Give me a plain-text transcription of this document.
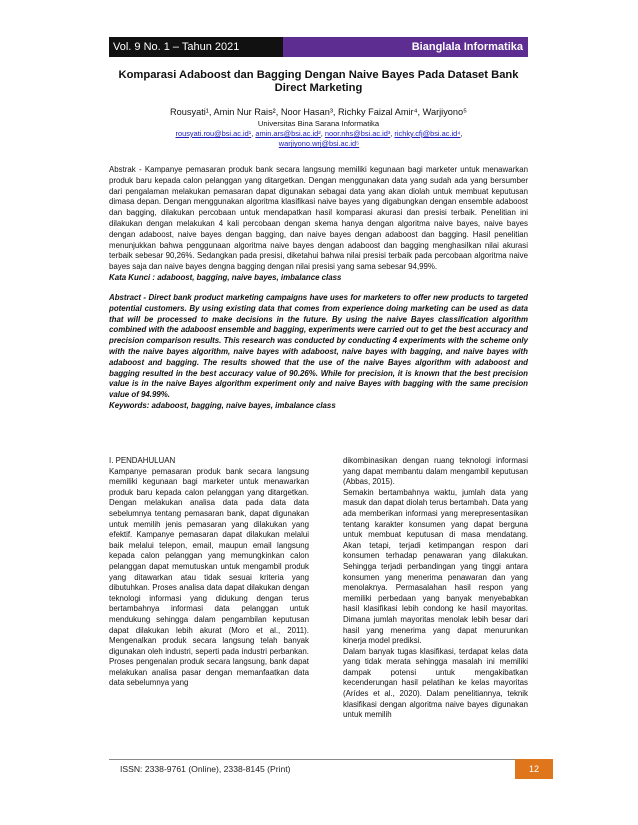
Vol. 9 No. 1 – Tahun 2021	Bianglala Informatika
Komparasi Adaboost dan Bagging Dengan Naive Bayes Pada Dataset Bank
Direct Marketing
Rousyati¹, Amin Nur Rais², Noor Hasan³, Richky Faizal Amir⁴, Warjiyono⁵
Universitas Bina Sarana Informatika
rousyati.rou@bsi.ac.id¹, amin.ars@bsi.ac.id², noor.nhs@bsi.ac.id³, richky.cfj@bsi.ac.id⁴,
warjiyono.wrj@bsi.ac.id⁵
Abstrak - Kampanye pemasaran produk bank secara langsung memiliki kegunaan bagi marketer untuk menawarkan produk baru kepada calon pelanggan yang ditargetkan. Dengan menggunakan data yang sudah ada yang bersumber dari pengalaman melakukan pemasaran dapat digunakan sebagai data yang akan diolah untuk membuat keputusan dimasa depan. Dengan menggunakan algoritma klasifikasi naive bayes yang digabungkan dengan ensemble adaboost dan bagging, dilakukan percobaan untuk mendapatkan hasil komparasi akurasi dan presisi terbaik. Penelitian ini dilakukan dengan melakukan 4 kali percobaan dengan skema hanya dengan algoritma naive bayes, naive bayes dengan adaboost, naive bayes dengan bagging, dan naive bayes dengan adaboost dan bagging. Hasil penelitian menunjukkan bahwa penggunaan algoritma naive bayes dengan adaboost dan bagging menghasilkan nilai akurasi terbaik sebesar 90,26%. Sedangkan pada presisi, diketahui bahwa nilai presisi terbaik pada percobaan algoritma naive bayes saja dan naive bayes dengna bagging dengan nilai presisi yang sama sebesar 94,99%.
Kata Kunci : adaboost, bagging, naive bayes, imbalance class
Abstract - Direct bank product marketing campaigns have uses for marketers to offer new products to targeted potential customers. By using existing data that comes from experience doing marketing can be used as data that will be processed to make decisions in the future. By using the naive Bayes classification algorithm combined with the adaboost ensemble and bagging, experiments were carried out to get the best accuracy and precision comparison results. This research was conducted by conducting 4 experiments with the scheme only with the naive bayes algorithm, naive bayes with adaboost, naive bayes with bagging, and naive bayes with adaboost and bagging. The results showed that the use of the naive Bayes algorithm with adaboost and bagging resulted in the best accuracy value of 90.26%. While for precision, it is known that the best precision value is in the naive Bayes algorithm experiment only and naive Bayes with bagging with the same precision value of 94.99%.
Keywords: adaboost, bagging, naive bayes, imbalance class
I. PENDAHULUAN

Kampanye pemasaran produk bank secara langsung memiliki kegunaan bagi marketer untuk menawarkan produk baru kepada calon pelanggan yang ditargetkan. Dengan melakukan analisa data pada data data sebelumnya tentang pemasaran bank, dapat digunakan untuk memilih jenis pemasaran yang dilakukan yang efektif. Kampanye pemasaran dapat dilakukan melalui baik melalui telepon, email, maupun email langsung kepada calon pelanggan yang memungkinkan calon pelanggan dapat memutuskan untuk mengambil produk yang ditawarkan atau tidak sesuai kriteria yang dibutuhkan. Proses analisa data dapat dilakukan dengan teknologi informasi yang didukung dengan terus bertambahnya informasi data pelanggan untuk mendukung sehingga dalam pengambilan keputusan dapat dilakukan lebih akurat (Moro et al., 2011). Mengenalkan produk secara langsung telah banyak digunakan oleh industri, seperti pada industri perbankan. Proses pengenalan produk secara langsung, bank dapat melakukan analisa pasar dengan memanfaatkan data data sebelumnya yang

dikombinasikan dengan ruang teknologi informasi yang dapat membantu dalam mengambil keputusan (Abbas, 2015).

Semakin bertambahnya waktu, jumlah data yang masuk dan dapat diolah terus bertambah. Data yang ada memberikan informasi yang merepresentasikan tentang karakter konsumen yang dapat berguna untuk membuat keputusan di masa mendatang. Akan tetapi, terjadi ketimpangan respon dari konsumen terhadap penawaran yang dilakukan. Sehingga terjadi perbandingan yang tinggi antara konsumen yang menerima penawaran dan yang menolaknya. Permasalahan hasil respon yang memiliki perbedaan yang banyak menyebabkan hasil klasifikasi lebih condong ke hasil mayoritas. Dimana jumlah mayoritas menolak lebih besar dari hasil yang menerima yang dapat menurunkan kinerja model prediksi.

Dalam banyak tugas klasifikasi, terdapat kelas data yang tidak merata sehingga masalah ini memiliki dampak potensi untuk mengakibatkan kecenderungan hasil pelatihan ke kelas mayoritas (Arídes et al., 2020). Dalam penelitiannya, teknik klasifikasi dengan algoritma naive bayes digunakan untuk memilih

ISSN: 2338-9761 (Online), 2338-8145 (Print)	12
